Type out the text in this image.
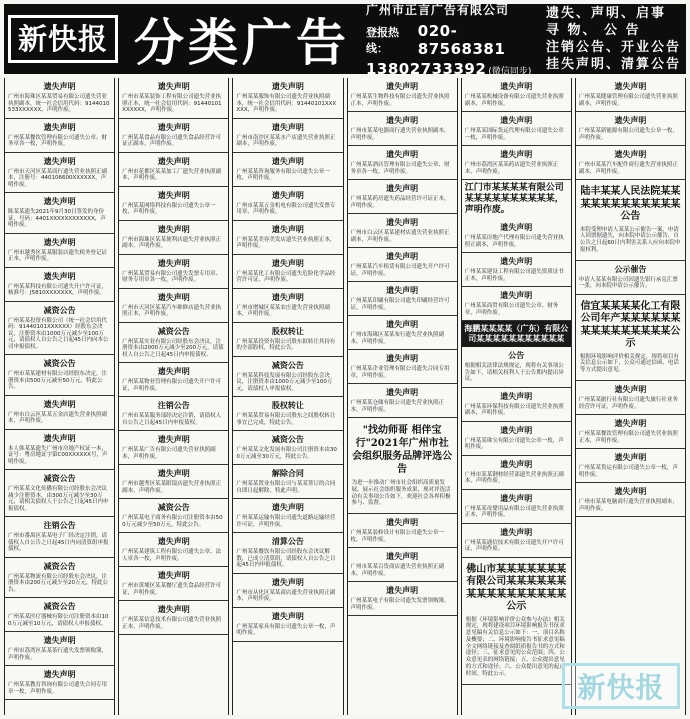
新快报 分类广告
广州市正言广告有限公司
登报热线：
020- 87568381
13802733392 (微信同步)
遗失、声明、启事
寻 物、 公 告
注销公告、开业公告
挂失声明、清算公告
遗失声明
广州市海珠区某某贸易有限公司遗失营业执照副本，统一社会信用代码：9144010533XXXXXX，声明作废。
遗失声明
广州某某餐饮管理有限公司遗失公章、财务章各一枚，声明作废。
遗失声明
广州市天河区某某商行遗失营业执照正副本，注册号：440106600XXXXXX，声明作废。
遗失声明
陈某某遗失2021年9月30日签发的身份证，号码：4401XXXXXXXXXXXX，声明作废。
遗失声明
广州市越秀区某某服装店遗失税务登记证正本，声明作废。
遗失声明
广州某某科技有限公司遗失开户许可证，核准号：J5810XXXXXXX，声明作废。
减资公告
广州某某投资有限公司（统一社会信用代码：91440101XXXXXX）经股东会决议，注册资本由1000万元减少至100万元，请债权人自公告之日起45日内向本公司申报债权。
减资公告
广州市某某建材有限公司经股东决定，注册资本由500万元减至50万元，特此公告。
遗失声明
广州市白云区某某五金店遗失营业执照副本，声明作废。
遗失声明
本人韩某某遗失广州市房地产权证一本，证号：粤房地证字第C00XXXXXX号，声明作废。
减资公告
广州某某文化传播有限公司经股东会决议减少注册资本，由300万元减少至30万元，请相关债权人于公告之日起45日内申报债权。
注销公告
广州市番禺区某某电子厂经决定注销，请债权人自公告之日起45日内向清算组申报债权。
减资公告
广州某某物流有限公司经股东会决议，注册资本由200万元减少至20万元，特此公告。
减资公告
广州某某医疗器械有限公司注册资本由100万元减至10万元，请债权人申报债权。
遗失声明
广州市荔湾区某某茶行遗失发票领购簿，声明作废。
遗失声明
广州某某教育咨询有限公司遗失合同专用章一枚，声明作废。
遗失声明
广州市某某装饰工程有限公司遗失营业执照正本，统一社会信用代码：91440101XXXXXX，声明作废。
遗失声明
广州某某食品有限公司遗失食品经营许可证正副本，声明作废。
遗失声明
广州市花都区某某加工厂遗失营业执照副本，声明作废。
遗失声明
广州某某网络科技有限公司遗失公章一枚，声明作废。
遗失声明
广州市海珠区某某便利店遗失营业执照正副本，声明作废。
遗失声明
广州某某贸易有限公司遗失发票专用章、财务专用章各一枚，声明作废。
遗失声明
广州市天河区某某汽车维修店遗失营业执照正本，声明作废。
减资公告
广州某某实业有限公司经股东会决议，注册资本由2000万元减少至200万元，请债权人自公告之日起45日内申报债权。
遗失声明
广州某某物业管理有限公司遗失开户许可证，声明作废。
注销公告
广州市某某服务部经决定注销，请债权人自公告之日起45日内申报债权。
遗失声明
广州某某广告有限公司遗失营业执照副本，声明作废。
遗失声明
广州市越秀区某某眼镜店遗失营业执照正副本，声明作废。
减资公告
广州某某电子商务有限公司注册资本由500万元减少至50万元，特此公告。
遗失声明
广州某某建筑工程有限公司遗失公章、法人章各一枚，声明作废。
遗失声明
广州市黄埔区某某餐厅遗失食品经营许可证，声明作废。
遗失声明
广州某某信息技术有限公司遗失营业执照正本，声明作废。
遗失声明
广州某某服饰有限公司遗失营业执照副本，统一社会信用代码：91440101XXXXXX，声明作废。
遗失声明
广州市南沙区某某水产店遗失营业执照正副本，声明作废。
遗失声明
广州某某咨询服务有限公司遗失公章一枚，声明作废。
遗失声明
广州市某某五金机电有限公司遗失发票专用章，声明作废。
遗失声明
广州某某美容美发店遗失营业执照正本，声明作废。
遗失声明
广州某某化工有限公司遗失危险化学品经营许可证，声明作废。
遗失声明
广州市增城区某某农庄遗失营业执照副本，声明作废。
股权转让
广州某某投资有限公司股东拟转让其持有的全部股权，特此公告。
减资公告
广州某某科技发展有限公司经股东会决议，注册资本由1000万元减少至100万元，请债权人申报债权。
股权转让
广州某某贸易有限公司股东之间股权转让事宜已完成，特此公告。
减资公告
广州某某文化发展有限公司注册资本由300万元减至30万元，特此公告。
解除合同
广州某某置业有限公司与某某签订的合同自即日起解除，特此声明。
遗失声明
广州某某运输有限公司遗失道路运输经营许可证，声明作废。
清算公告
广州某某餐饮有限公司经股东会决议解散，已成立清算组，请债权人自公告之日起45日内申报债权。
遗失声明
广州市从化区某某商店遗失营业执照正副本，声明作废。
遗失声明
广州某某家具有限公司遗失公章一枚，声明作废。
遗失声明
广州某某生物科技有限公司遗失营业执照正本，声明作废。
遗失声明
广州市某某电器商行遗失营业执照副本，声明作废。
遗失声明
广州某某酒店管理有限公司遗失公章、财务章各一枚，声明作废。
遗失声明
广州某某药房遗失药品经营许可证正本，声明作废。
遗失声明
广州市白云区某某建材店遗失营业执照正副本，声明作废。
遗失声明
广州某某汽车租赁有限公司遗失开户许可证，声明作废。
遗失声明
广州某某印刷有限公司遗失印刷经营许可证，声明作废。
遗失声明
广州市海珠区某某布行遗失营业执照副本，声明作废。
遗失声明
广州某某企业管理有限公司遗失合同专用章，声明作废。
遗失声明
广州某某仓储有限公司遗失营业执照正本，声明作废。
"找幼师哥 相伴宝行"2021年广州市社会组织服务品牌评选公告
为进一步推动广州市社会组织高质量发展，展示社会组织服务成果，现对评选活动有关事项公告如下，欢迎社会各界积极参与、监督。
遗失声明
广州某某装修设计有限公司遗失公章一枚，声明作废。
遗失声明
广州市某某百货商店遗失营业执照正副本，声明作废。
遗失声明
广州某某电子有限公司遗失发票领购簿，声明作废。
遗失声明
广州某某机械设备有限公司遗失营业执照副本，声明作废。
遗失声明
广州某某国际货运代理有限公司遗失公章一枚，声明作废。
遗失声明
广州市荔湾区某某药店遗失营业执照正本，声明作废。
江门市某某某某有限公司某某某某某某某某某某，声明作废。
遗失声明
广州某某房地产代理有限公司遗失营业执照正副本，声明作废。
遗失声明
广州某某建设工程有限公司遗失资质证书正本，声明作废。
遗失声明
广州某某商贸有限公司遗失公章、财务章，声明作废。
海鹏某某某某（广东）有限公司某某某某某某某某某某某
公告
根据相关法律法规规定，现将有关事项公告如下，请相关权利人于公告期内提出异议。
遗失声明
广州某某环保科技有限公司遗失营业执照副本，声明作废。
遗失声明
广州某某珠宝有限公司遗失公章一枚，声明作废。
遗失声明
广州市某某钢材经营部遗失营业执照正副本，声明作废。
遗失声明
广州某某母婴用品有限公司遗失营业执照正本，声明作废。
遗失声明
广州某某通信技术有限公司遗失开户许可证，声明作废。
佛山市某某某某某某某有限公司某某某某某某某某某某某某某某某某公示
根据《环境影响评价公众参与办法》相关规定，现将建设项目环境影响报告书征求意见稿有关信息公示如下：一、项目名称及概要；二、环境影响报告书征求意见稿全文网络链接及查阅纸质报告书的方式和途径；三、征求意见的公众范围；四、公众意见表的网络链接；五、公众提出意见的方式和途径；六、公众提出意见的起止时间。特此公示。
遗失声明
广州某某健康管理有限公司遗失营业执照副本，声明作废。
遗失声明
广州某某新能源有限公司遗失公章一枚，声明作废。
遗失声明
广州市某某汽车配件商行遗失营业执照正副本，声明作废。
陆丰某某人民法院某某某某某某某某某某某某公告
本院受理申请人某某公示催告一案，申请人因票据遗失，向本院申请公示催告，自公告之日起60日内利害关系人应向本院申报权利。
公示催告
申请人某某有限公司因遗失银行承兑汇票一张，向本院申请公示催告。
信宜某某某某化工有限公司年产某某某某某某某某某某某某某某某公示
根据环境影响评价相关规定，现将项目有关信息公示如下，公众可通过信函、电话等方式提出意见。
遗失声明
广州某某旅行社有限公司遗失旅行社业务经营许可证，声明作废。
遗失声明
广州某某餐饮管理有限公司遗失营业执照正本，声明作废。
遗失声明
广州某某货运有限公司遗失公章一枚，声明作废。
遗失声明
广州市某某电脑商行遗失营业执照副本，声明作废。
新快报
